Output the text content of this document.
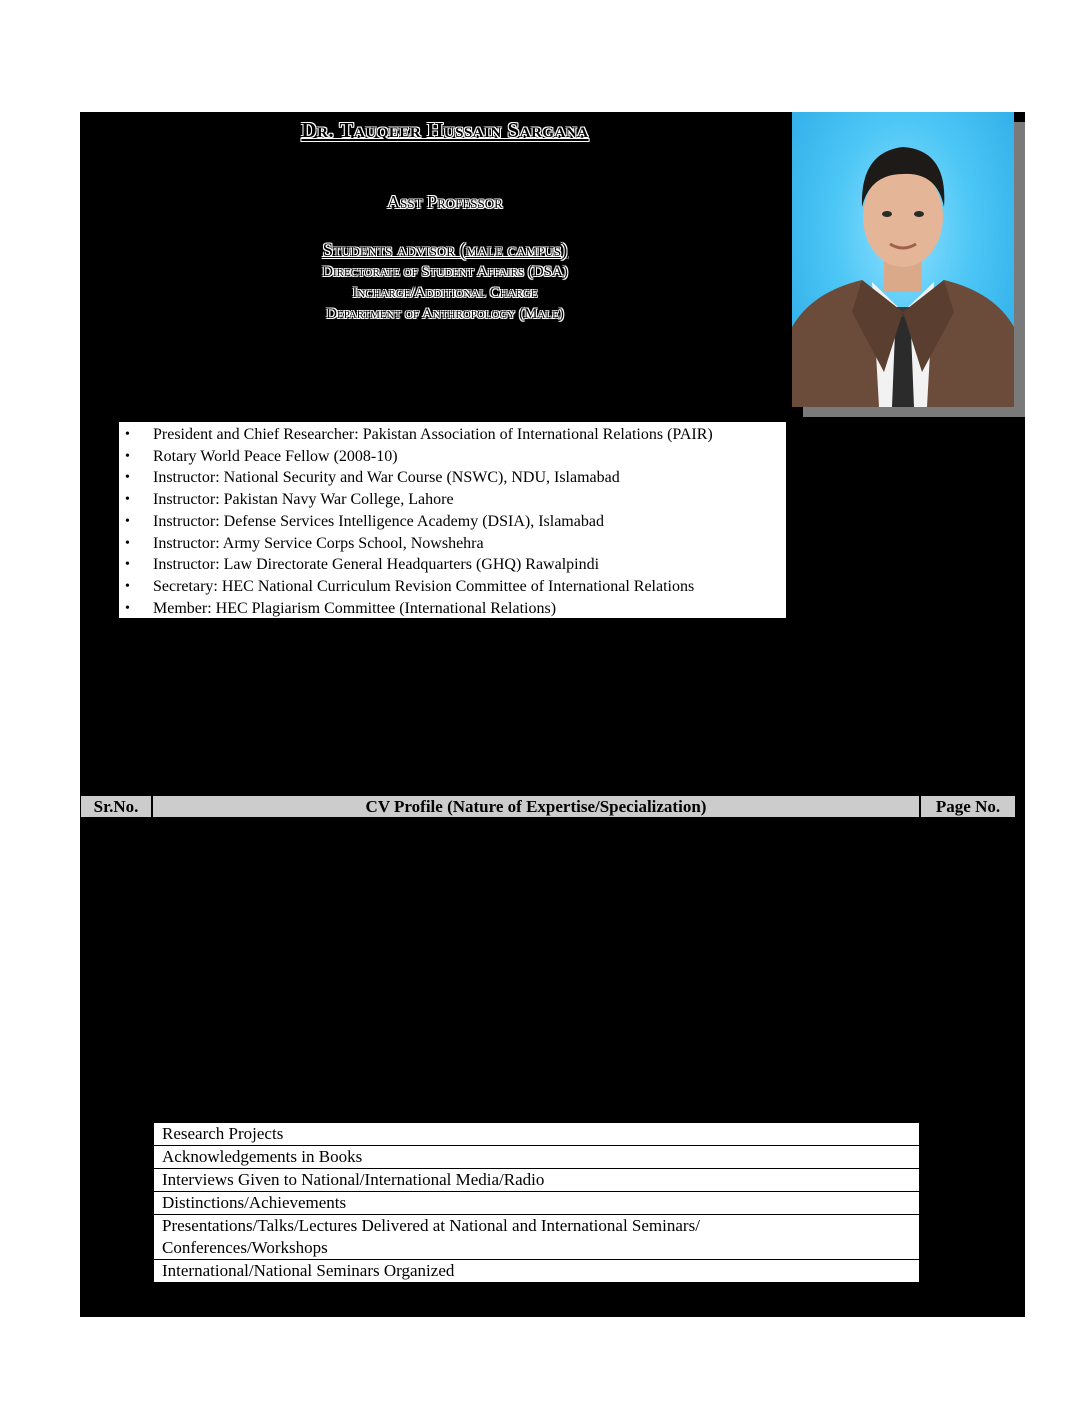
Dr. Tauqeer Hussain Sargana
Asst Professor
Students advisor (male campus)
Directorate of Student Affairs (DSA)
Incharge/Additional Charge
Department of Anthropology (Male)
• President and Chief Researcher: Pakistan Association of International Relations (PAIR)
• Rotary World Peace Fellow (2008-10)
• Instructor: National Security and War Course (NSWC), NDU, Islamabad
• Instructor: Pakistan Navy War College, Lahore
• Instructor: Defense Services Intelligence Academy (DSIA), Islamabad
• Instructor: Army Service Corps School, Nowshehra
• Instructor: Law Directorate General Headquarters (GHQ) Rawalpindi
• Secretary: HEC National Curriculum Revision Committee of International Relations
• Member: HEC Plagiarism Committee (International Relations)
Sr.No.	CV Profile (Nature of Expertise/Specialization)	Page No.
Research Projects
Acknowledgements in Books
Interviews Given to National/International Media/Radio
Distinctions/Achievements
Presentations/Talks/Lectures Delivered at National and International Seminars/ Conferences/Workshops
International/National Seminars Organized
